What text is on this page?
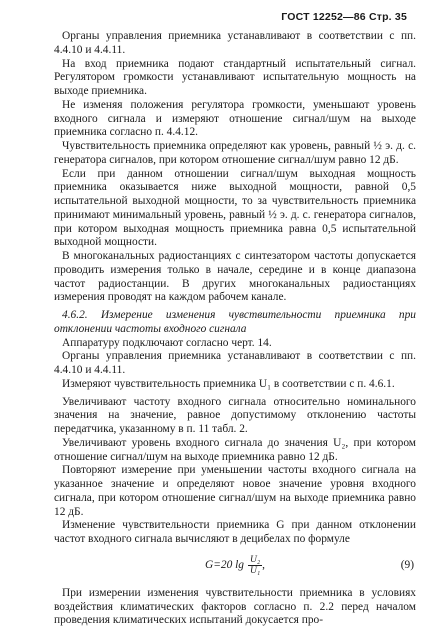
ГОСТ 12252—86 Стр. 35

Органы управления приемника устанавливают в соответствии с пп. 4.4.10 и 4.4.11.

На вход приемника подают стандартный испытательный сигнал. Регулятором громкости устанавливают испытательную мощность на выходе приемника.

Не изменяя положения регулятора громкости, уменьшают уровень входного сигнала и измеряют отношение сигнал/шум на выходе приемника согласно п. 4.4.12.

Чувствительность приемника определяют как уровень, равный ½ э. д. с. генератора сигналов, при котором отношение сигнал/шум равно 12 дБ.

Если при данном отношении сигнал/шум выходная мощность приемника оказывается ниже выходной мощности, равной 0,5 испытательной выходной мощности, то за чувствительность приемника принимают минимальный уровень, равный ½ э. д. с. генератора сигналов, при котором выходная мощность приемника равна 0,5 испытательной выходной мощности.

В многоканальных радиостанциях с синтезатором частоты допускается проводить измерения только в начале, середине и в конце диапазона частот радиостанции. В других многоканальных радиостанциях измерения проводят на каждом рабочем канале.

4.6.2. Измерение изменения чувствительности приемника при отклонении частоты входного сигнала

Аппаратуру подключают согласно черт. 14.

Органы управления приемника устанавливают в соответствии с пп. 4.4.10 и 4.4.11.

Измеряют чувствительность приемника U₁ в соответствии с п. 4.6.1.

Увеличивают частоту входного сигнала относительно номинального значения на значение, равное допустимому отклонению частоты передатчика, указанному в п. 11 табл. 2.

Увеличивают уровень входного сигнала до значения U₂, при котором отношение сигнал/шум на выходе приемника равно 12 дБ.

Повторяют измерение при уменьшении частоты входного сигнала на указанное значение и определяют новое значение уровня входного сигнала, при котором отношение сигнал/шум на выходе приемника равно 12 дБ.

Изменение чувствительности приемника G при данном отклонении частот входного сигнала вычисляют в децибелах по формуле

G=20 $\lg \frac{\text{U₂}}{\text{U₁}}$ ,	(9)

При измерении изменения чувствительности приемника в условиях воздействия климатических факторов согласно п. 2.2 перед началом проведения климатических испытаний докусается про-
